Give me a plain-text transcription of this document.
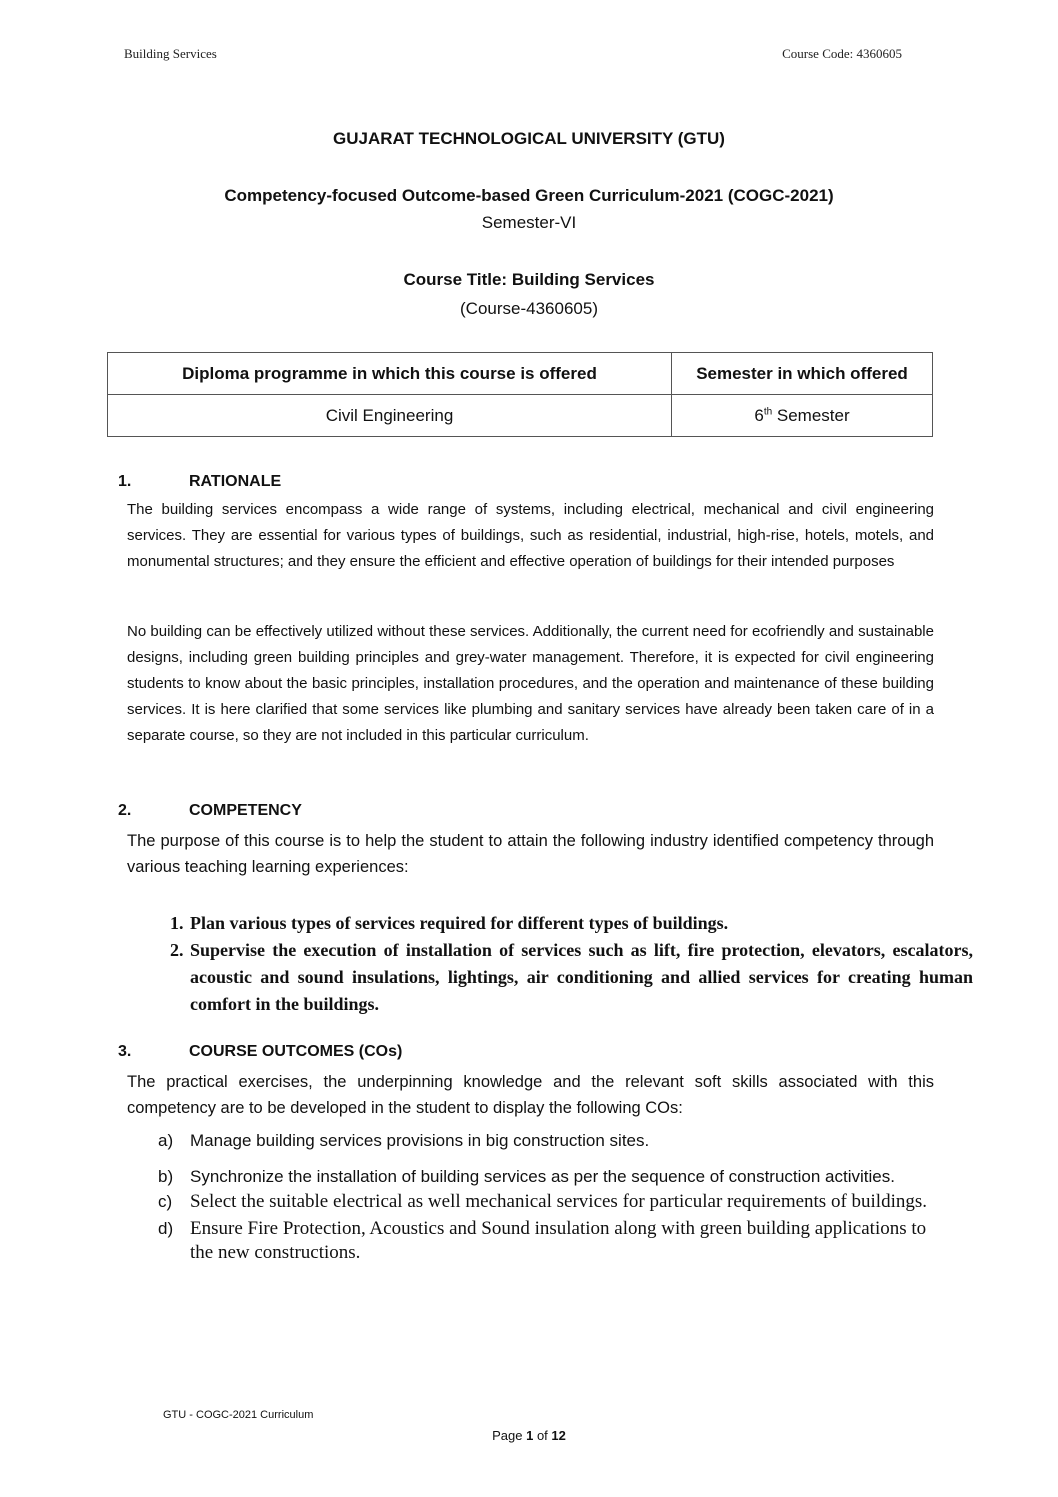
Building Services	Course Code: 4360605
GUJARAT TECHNOLOGICAL UNIVERSITY (GTU)
Competency-focused Outcome-based Green Curriculum-2021 (COGC-2021)
Semester-VI
Course Title: Building Services
(Course-4360605)
Diploma programme in which this course is offered	Semester in which offered
Civil Engineering	6th Semester
1.	RATIONALE

The building services encompass a wide range of systems, including electrical, mechanical and civil engineering services. They are essential for various types of buildings, such as residential, industrial, high-rise, hotels, motels, and monumental structures; and they ensure the efficient and effective operation of buildings for their intended purposes

No building can be effectively utilized without these services. Additionally, the current need for ecofriendly and sustainable designs, including green building principles and grey-water management. Therefore, it is expected for civil engineering students to know about the basic principles, installation procedures, and the operation and maintenance of these building services. It is here clarified that some services like plumbing and sanitary services have already been taken care of in a separate course, so they are not included in this particular curriculum.

2.	COMPETENCY

The purpose of this course is to help the student to attain the following industry identified competency through various teaching learning experiences:

1. Plan various types of services required for different types of buildings.
2. Supervise the execution of installation of services such as lift, fire protection, elevators, escalators, acoustic and sound insulations, lightings, air conditioning and allied services for creating human comfort in the buildings.
3.	COURSE OUTCOMES (COs)

The practical exercises, the underpinning knowledge and the relevant soft skills associated with this competency are to be developed in the student to display the following COs:

a) Manage building services provisions in big construction sites.
b) Synchronize the installation of building services as per the sequence of construction activities.
c) Select the suitable electrical as well mechanical services for particular requirements of buildings.
d) Ensure Fire Protection, Acoustics and Sound insulation along with green building applications to the new constructions.
GTU - COGC-2021 Curriculum
Page 1 of 12
